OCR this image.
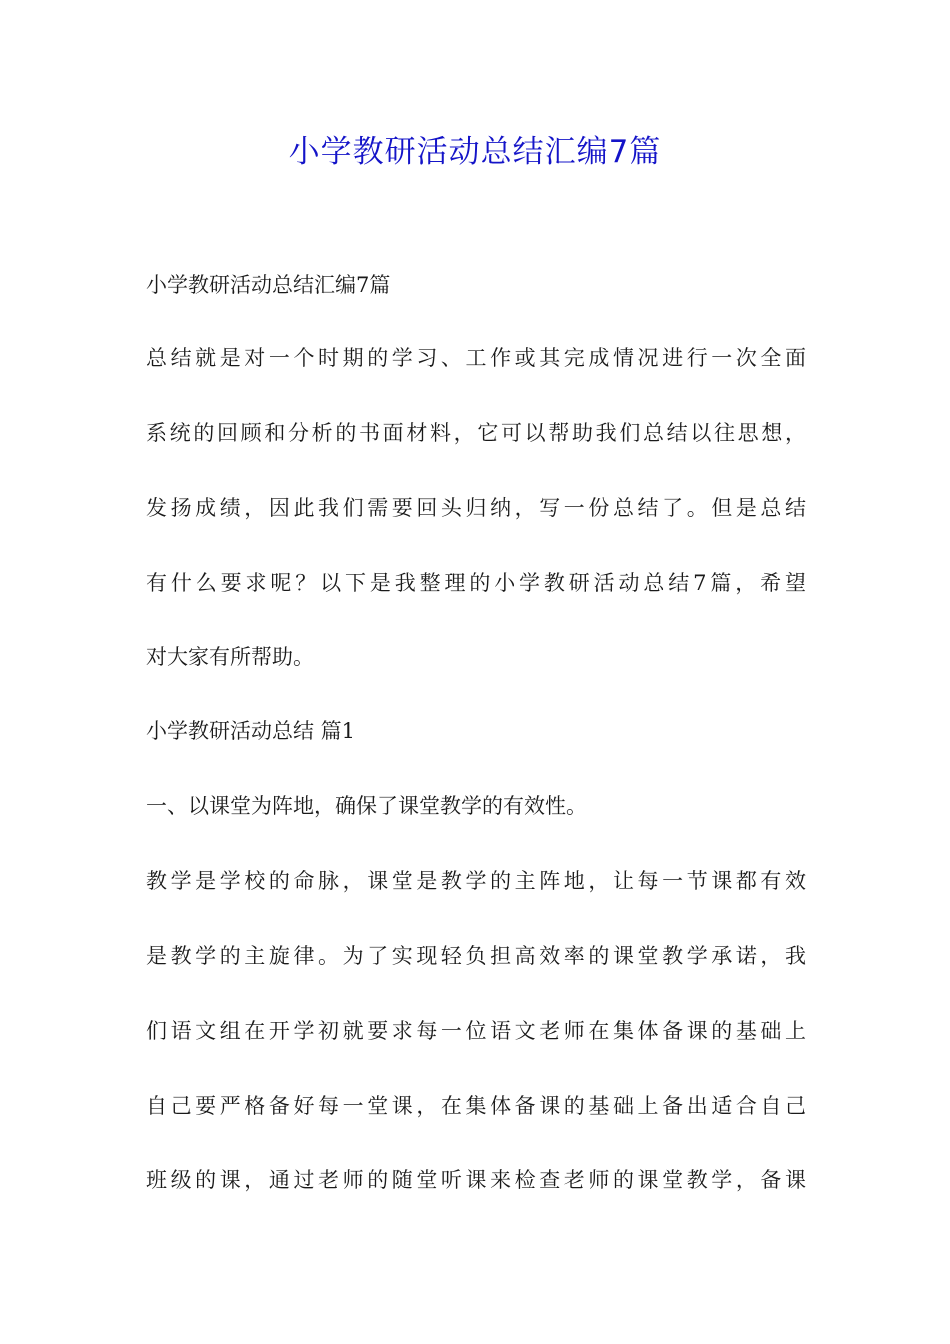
小学教研活动总结汇编7篇

小学教研活动总结汇编7篇

总结就是对一个时期的学习、工作或其完成情况进行一次全面

系统的回顾和分析的书面材料，它可以帮助我们总结以往思想，

发扬成绩，因此我们需要回头归纳，写一份总结了。但是总结

有什么要求呢？以下是我整理的小学教研活动总结7篇，希望

对大家有所帮助。

小学教研活动总结 篇1

一、以课堂为阵地，确保了课堂教学的有效性。

教学是学校的命脉，课堂是教学的主阵地，让每一节课都有效

是教学的主旋律。为了实现轻负担高效率的课堂教学承诺，我

们语文组在开学初就要求每一位语文老师在集体备课的基础上

自己要严格备好每一堂课，在集体备课的基础上备出适合自己

班级的课，通过老师的随堂听课来检查老师的课堂教学，备课
